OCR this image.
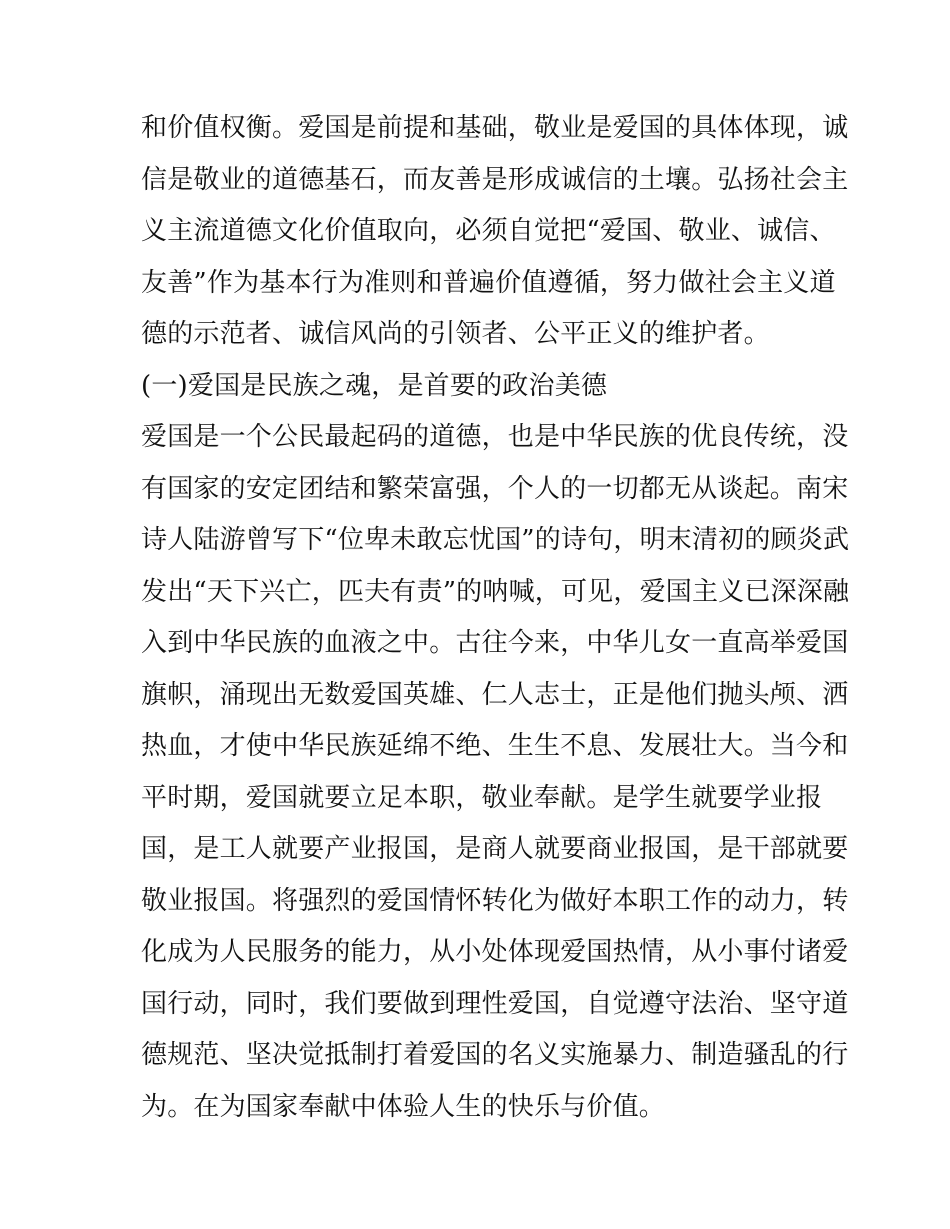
和价值权衡。爱国是前提和基础，敬业是爱国的具体体现，诚
信是敬业的道德基石，而友善是形成诚信的土壤。弘扬社会主
义主流道德文化价值取向，必须自觉把“爱国、敬业、诚信、
友善”作为基本行为准则和普遍价值遵循，努力做社会主义道
德的示范者、诚信风尚的引领者、公平正义的维护者。
(一)爱国是民族之魂，是首要的政治美德
爱国是一个公民最起码的道德，也是中华民族的优良传统，没
有国家的安定团结和繁荣富强，个人的一切都无从谈起。南宋
诗人陆游曾写下“位卑未敢忘忧国”的诗句，明末清初的顾炎武
发出“天下兴亡，匹夫有责”的呐喊，可见，爱国主义已深深融
入到中华民族的血液之中。古往今来，中华儿女一直高举爱国
旗帜，涌现出无数爱国英雄、仁人志士，正是他们抛头颅、洒
热血，才使中华民族延绵不绝、生生不息、发展壮大。当今和
平时期，爱国就要立足本职，敬业奉献。是学生就要学业报
国，是工人就要产业报国，是商人就要商业报国，是干部就要
敬业报国。将强烈的爱国情怀转化为做好本职工作的动力，转
化成为人民服务的能力，从小处体现爱国热情，从小事付诸爱
国行动，同时，我们要做到理性爱国，自觉遵守法治、坚守道
德规范、坚决觉抵制打着爱国的名义实施暴力、制造骚乱的行
为。在为国家奉献中体验人生的快乐与价值。
